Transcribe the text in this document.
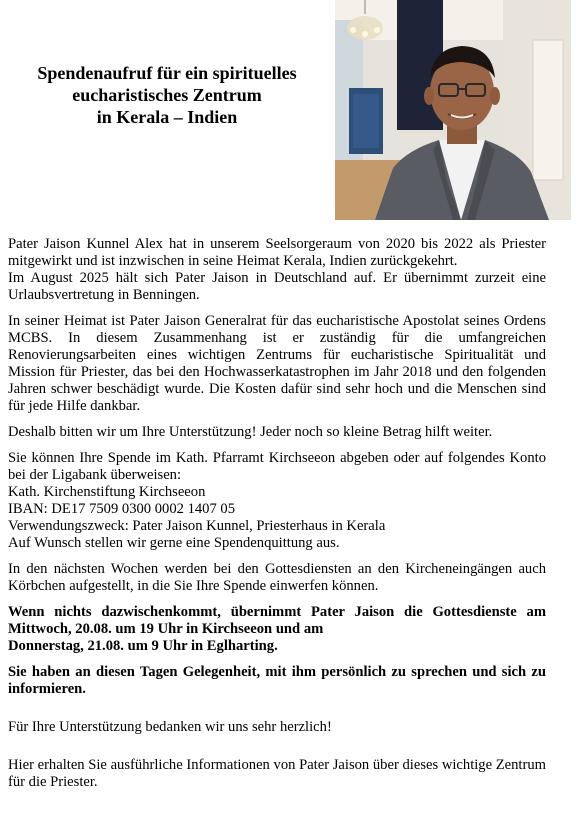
Spendenaufruf für ein spirituelles
eucharistisches Zentrum
in Kerala – Indien

Pater Jaison Kunnel Alex hat in unserem Seelsorgeraum von 2020 bis 2022 als Priester mitgewirkt und ist inzwischen in seine Heimat Kerala, Indien zurückgekehrt.
Im August 2025 hält sich Pater Jaison in Deutschland auf. Er übernimmt zurzeit eine Urlaubsvertretung in Benningen.

In seiner Heimat ist Pater Jaison Generalrat für das eucharistische Apostolat seines Ordens MCBS. In diesem Zusammenhang ist er zuständig für die umfangreichen Renovierungsarbeiten eines wichtigen Zentrums für eucharistische Spiritualität und Mission für Priester, das bei den Hochwasserkatastrophen im Jahr 2018 und den folgenden Jahren schwer beschädigt wurde. Die Kosten dafür sind sehr hoch und die Menschen sind für jede Hilfe dankbar.

Deshalb bitten wir um Ihre Unterstützung! Jeder noch so kleine Betrag hilft weiter.

Sie können Ihre Spende im Kath. Pfarramt Kirchseeon abgeben oder auf folgendes Konto bei der Ligabank überweisen:
Kath. Kirchenstiftung Kirchseeon
IBAN: DE17 7509 0300 0002 1407 05
Verwendungszweck: Pater Jaison Kunnel, Priesterhaus in Kerala
Auf Wunsch stellen wir gerne eine Spendenquittung aus.

In den nächsten Wochen werden bei den Gottesdiensten an den Kircheneingängen auch Körbchen aufgestellt, in die Sie Ihre Spende einwerfen können.

Wenn nichts dazwischenkommt, übernimmt Pater Jaison die Gottesdienste am Mittwoch, 20.08. um 19 Uhr in Kirchseeon und am
Donnerstag, 21.08. um 9 Uhr in Eglharting.

Sie haben an diesen Tagen Gelegenheit, mit ihm persönlich zu sprechen und sich zu informieren.

Für Ihre Unterstützung bedanken wir uns sehr herzlich!

Hier erhalten Sie ausführliche Informationen von Pater Jaison über dieses wichtige Zentrum für die Priester.
